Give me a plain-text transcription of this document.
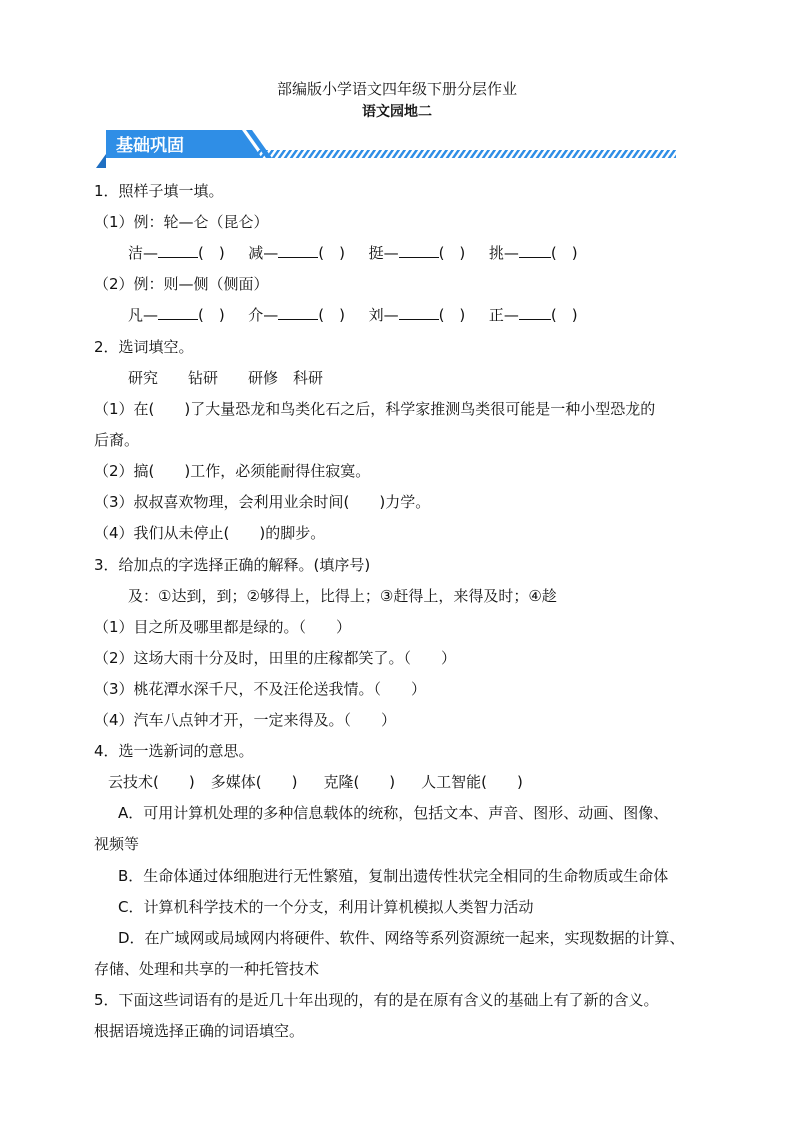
部编版小学语文四年级下册分层作业
语文园地二
基础巩固
1．照样子填一填。
（1）例：轮—仑（昆仑）
洁—	(　)  减—	(　)  挺—	(　)  挑— (　)
（2）例：则—侧（侧面）
凡—	(　)  介—	(　)  刘—	(　)  正— (　)
2．选词填空。
研究 钻研 研修 科研
（1）在(　　)了大量恐龙和鸟类化石之后，科学家推测鸟类很可能是一种小型恐龙的
后裔。
（2）搞(　　)工作，必须能耐得住寂寞。
（3）叔叔喜欢物理，会利用业余时间(　　)力学。
（4）我们从未停止(　　)的脚步。
3．给加点的字选择正确的解释。(填序号)
及：①达到，到；②够得上，比得上；③赶得上，来得及时；④趁
（1）目之所及哪里都是绿的。（　　）
（2）这场大雨十分及时，田里的庄稼都笑了。（　　）
（3）桃花潭水深千尺，不及汪伦送我情。（　　）
（4）汽车八点钟才开，一定来得及。（　　）
4．选一选新词的意思。
云技术(　　) 多媒体(　　) 克隆(　　) 人工智能(　　)
A．可用计算机处理的多种信息载体的统称，包括文本、声音、图形、动画、图像、
视频等
B．生命体通过体细胞进行无性繁殖，复制出遗传性状完全相同的生命物质或生命体
C．计算机科学技术的一个分支，利用计算机模拟人类智力活动
D．在广域网或局域网内将硬件、软件、网络等系列资源统一起来，实现数据的计算、
存储、处理和共享的一种托管技术
5．下面这些词语有的是近几十年出现的，有的是在原有含义的基础上有了新的含义。
根据语境选择正确的词语填空。
